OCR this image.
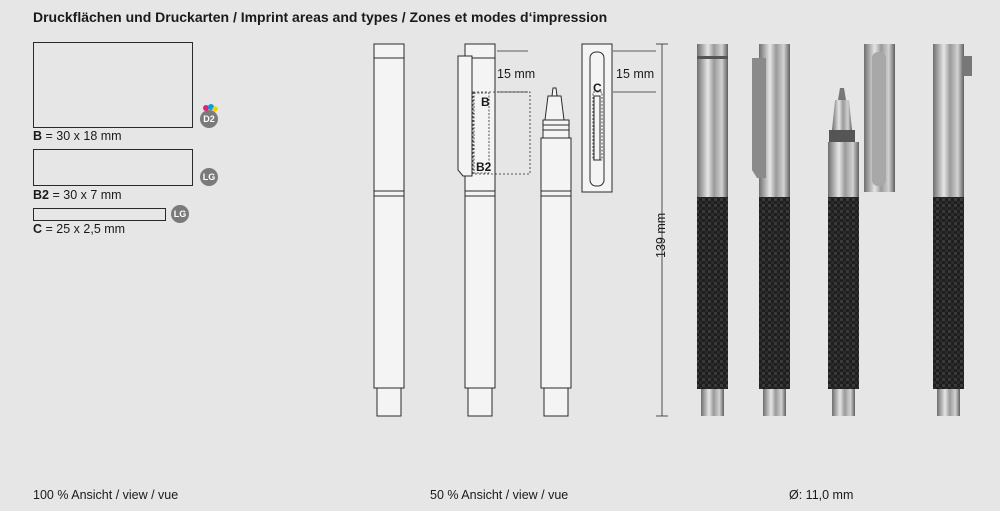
Druckflächen und Druckarten / Imprint areas and types / Zones et modes d‘impression
D2
B = 30 x 18 mm
LG
B2 = 30 x 7 mm
LG
C = 25 x 2,5 mm
15 mm
B
B2
15 mm
C
139 mm
100 % Ansicht / view / vue	50 % Ansicht / view / vue	Ø: 11,0 mm
